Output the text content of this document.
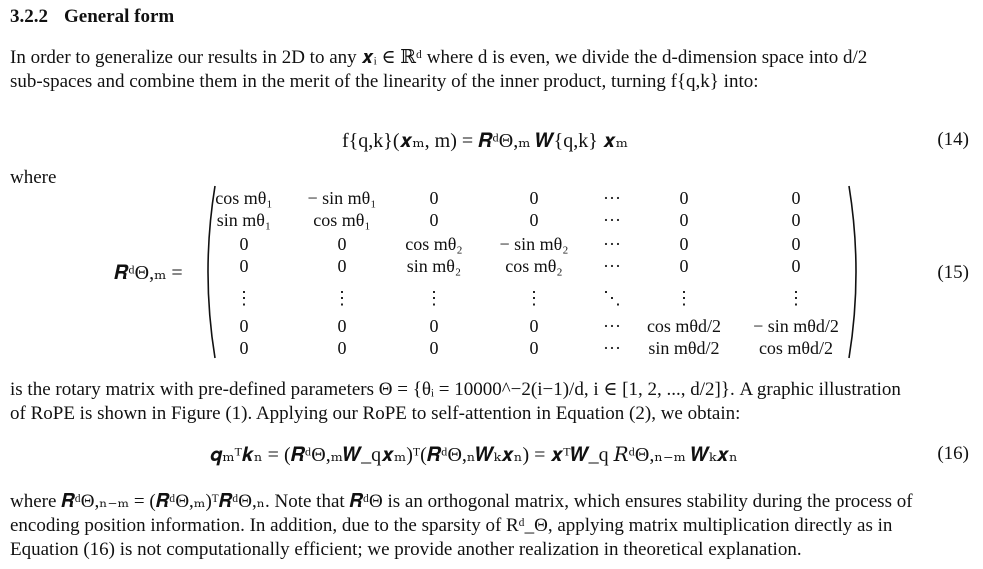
3.2.2 General form
In order to generalize our results in 2D to any 𝒙ᵢ ∈ ℝᵈ where d is even, we divide the d-dimension space into d/2
sub-spaces and combine them in the merit of the linearity of the inner product, turning f{q,k} into:
f{q,k}(𝒙ₘ, m) = 𝑹ᵈΘ,ₘ 𝑾{q,k} 𝒙ₘ	(14)
where
𝑹ᵈΘ,ₘ =	(15)
cos mθ₁	− sin mθ₁	0	0	···	0	0
sin mθ₁	cos mθ₁	0	0	···	0	0
0	0	cos mθ₂	− sin mθ₂	···	0	0
0	0	sin mθ₂	cos mθ₂	···	0	0
⋮	⋮	⋮	⋮	⋱	⋮	⋮
0	0	0	0	···	cos mθd/2	− sin mθd/2
0	0	0	0	···	sin mθd/2	cos mθd/2
is the rotary matrix with pre-defined parameters Θ = {θᵢ = 10000^−2(i−1)/d, i ∈ [1, 2, ..., d/2]}. A graphic illustration
of RoPE is shown in Figure (1). Applying our RoPE to self-attention in Equation (2), we obtain:
𝒒ₘᵀ𝒌ₙ = (𝑹ᵈΘ,ₘ𝑾_q𝒙ₘ)ᵀ(𝑹ᵈΘ,ₙ𝑾ₖ𝒙ₙ) = 𝒙ᵀ𝑾_q 𝑅ᵈΘ,ₙ₋ₘ 𝑾ₖ𝒙ₙ	(16)
where 𝑹ᵈΘ,ₙ₋ₘ = (𝑹ᵈΘ,ₘ)ᵀ𝑹ᵈΘ,ₙ. Note that 𝑹ᵈΘ is an orthogonal matrix, which ensures stability during the process of
encoding position information. In addition, due to the sparsity of Rᵈ_Θ, applying matrix multiplication directly as in
Equation (16) is not computationally efficient; we provide another realization in theoretical explanation.
